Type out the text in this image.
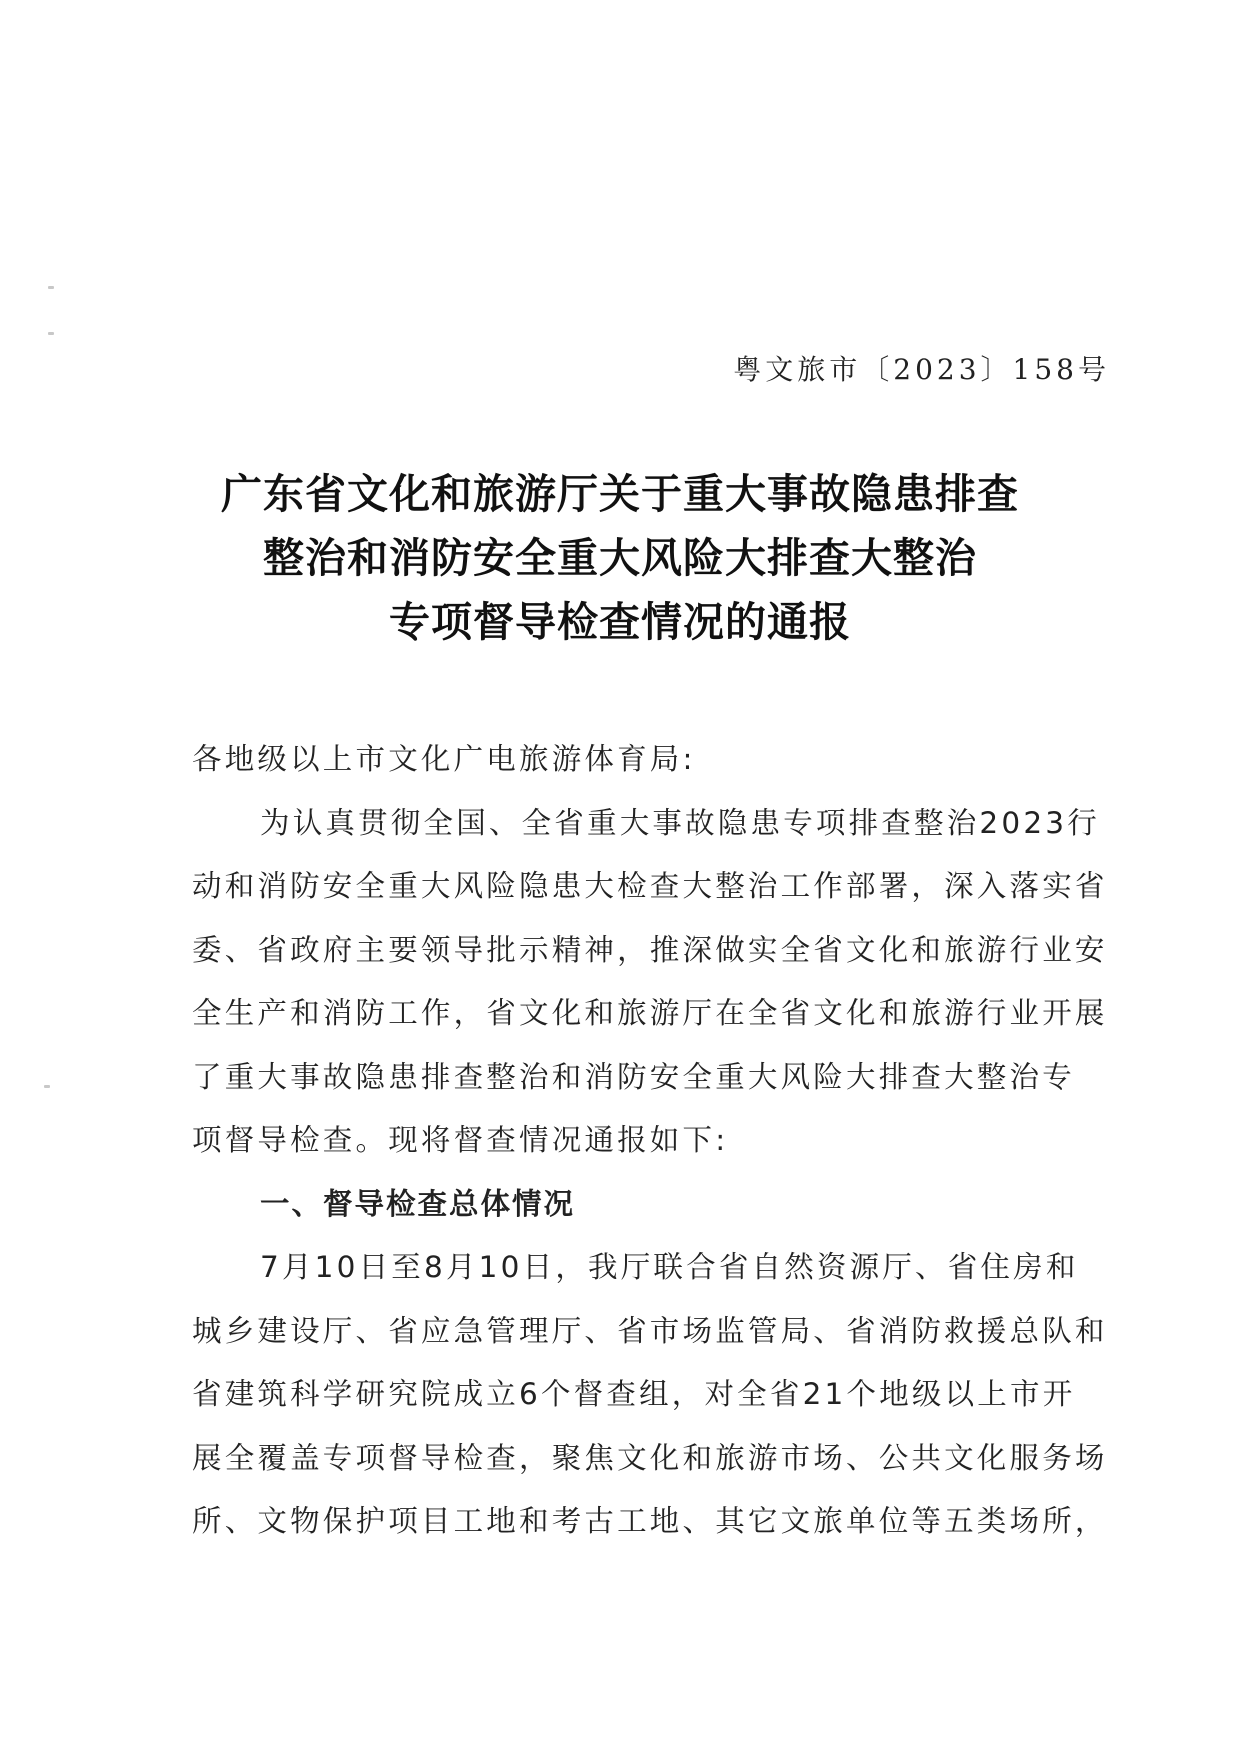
粤文旅市〔2023〕158号
广东省文化和旅游厅关于重大事故隐患排查
整治和消防安全重大风险大排查大整治
专项督导检查情况的通报
各地级以上市文化广电旅游体育局:
为认真贯彻全国、全省重大事故隐患专项排查整治2023行
动和消防安全重大风险隐患大检查大整治工作部署，深入落实省
委、省政府主要领导批示精神，推深做实全省文化和旅游行业安
全生产和消防工作，省文化和旅游厅在全省文化和旅游行业开展
了重大事故隐患排查整治和消防安全重大风险大排查大整治专
项督导检查。现将督查情况通报如下:
一、督导检查总体情况
7月10日至8月10日，我厅联合省自然资源厅、省住房和
城乡建设厅、省应急管理厅、省市场监管局、省消防救援总队和
省建筑科学研究院成立6个督查组，对全省21个地级以上市开
展全覆盖专项督导检查，聚焦文化和旅游市场、公共文化服务场
所、文物保护项目工地和考古工地、其它文旅单位等五类场所，
